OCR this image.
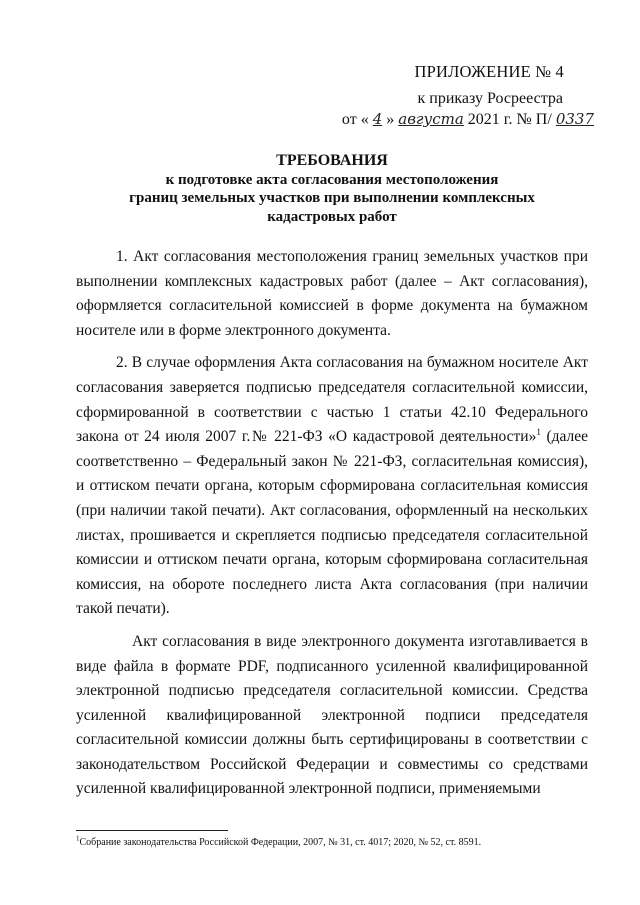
ПРИЛОЖЕНИЕ № 4
к приказу Росреестра
от « 4 » августа 2021 г. № П/ 0337
ТРЕБОВАНИЯ
к подготовке акта согласования местоположения
границ земельных участков при выполнении комплексных
кадастровых работ

1. Акт согласования местоположения границ земельных участков при выполнении комплексных кадастровых работ (далее – Акт согласования), оформляется согласительной комиссией в форме документа на бумажном носителе или в форме электронного документа.

2. В случае оформления Акта согласования на бумажном носителе Акт согласования заверяется подписью председателя согласительной комиссии, сформированной в соответствии с частью 1 статьи 42.10 Федерального закона от 24 июля 2007 г.№ 221-ФЗ «О кадастровой деятельности»$^1$ (далее соответственно – Федеральный закон № 221-ФЗ, согласительная комиссия), и оттиском печати органа, которым сформирована согласительная комиссия (при наличии такой печати). Акт согласования, оформленный на нескольких листах, прошивается и скрепляется подписью председателя согласительной комиссии и оттиском печати органа, которым сформирована согласительная комиссия, на обороте последнего листа Акта согласования (при наличии такой печати).

Акт согласования в виде электронного документа изготавливается в виде файла в формате PDF, подписанного усиленной квалифицированной электронной подписью председателя согласительной комиссии. Средства усиленной квалифицированной электронной подписи председателя согласительной комиссии должны быть сертифицированы в соответствии с законодательством Российской Федерации и совместимы со средствами усиленной квалифицированной электронной подписи, применяемыми

$^1$Собрание законодательства Российской Федерации, 2007, № 31, ст. 4017; 2020, № 52, ст. 8591.
